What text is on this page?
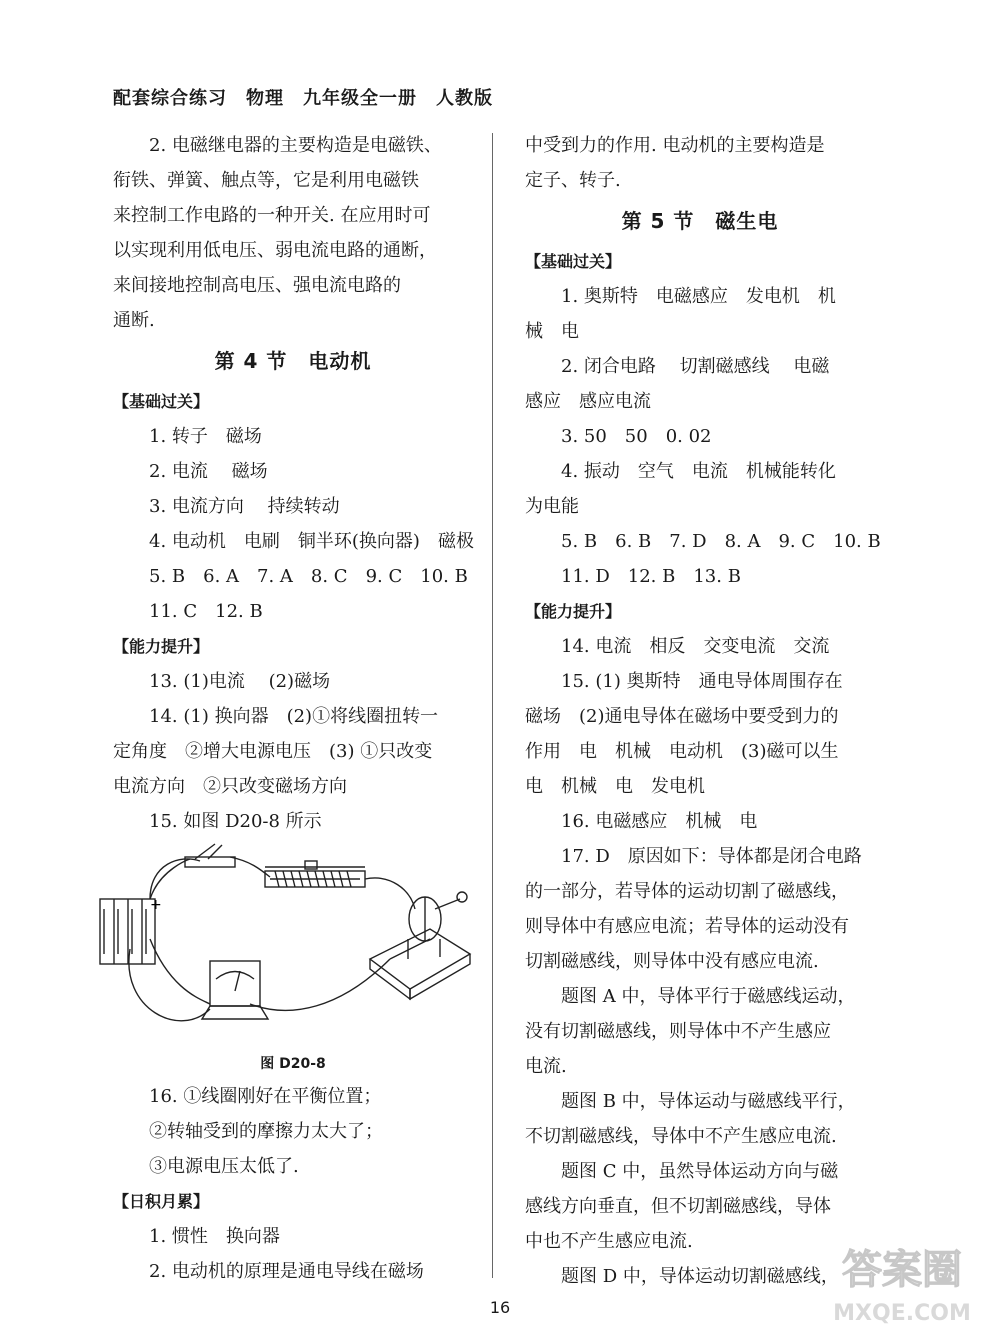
配套综合练习　物理　九年级全一册　人教版
2. 电磁继电器的主要构造是电磁铁、
衔铁、弹簧、触点等，它是利用电磁铁
来控制工作电路的一种开关. 在应用时可
以实现利用低电压、弱电流电路的通断，
来间接地控制高电压、强电流电路的
通断.
第 4 节　电动机
【基础过关】
1. 转子　磁场
2. 电流　 磁场
3. 电流方向　 持续转动
4. 电动机　电刷　铜半环(换向器)　磁极
5. B　6. A　7. A　8. C　9. C　10. B
11. C　12. B
【能力提升】
13. (1)电流　 (2)磁场
14. (1) 换向器　(2)①将线圈扭转一
定角度　②增大电源电压　(3) ①只改变
电流方向　②只改变磁场方向
15. 如图 D20-8 所示
+
图 D20-8
16. ①线圈刚好在平衡位置；
②转轴受到的摩擦力太大了；
③电源电压太低了.
【日积月累】
1. 惯性　换向器
2. 电动机的原理是通电导线在磁场
中受到力的作用. 电动机的主要构造是
定子、转子.
第 5 节　磁生电
【基础过关】
1. 奥斯特　电磁感应　发电机　机
械　电
2. 闭合电路　 切割磁感线　 电磁
感应　感应电流
3. 50　50　0. 02
4. 振动　空气　电流　机械能转化
为电能
5. B　6. B　7. D　8. A　9. C　10. B
11. D　12. B　13. B
【能力提升】
14. 电流　相反　交变电流　交流
15. (1) 奥斯特　通电导体周围存在
磁场　(2)通电导体在磁场中要受到力的
作用　电　机械　电动机　(3)磁可以生
电　机械　电　发电机
16. 电磁感应　机械　电
17. D　原因如下：导体都是闭合电路
的一部分，若导体的运动切割了磁感线，
则导体中有感应电流；若导体的运动没有
切割磁感线，则导体中没有感应电流.
题图 A 中，导体平行于磁感线运动，
没有切割磁感线，则导体中不产生感应
电流.
题图 B 中，导体运动与磁感线平行，
不切割磁感线，导体中不产生感应电流.
题图 C 中，虽然导体运动方向与磁
感线方向垂直，但不切割磁感线，导体
中也不产生感应电流.
题图 D 中，导体运动切割磁感线，
16
答案圈
MXQE.COM
